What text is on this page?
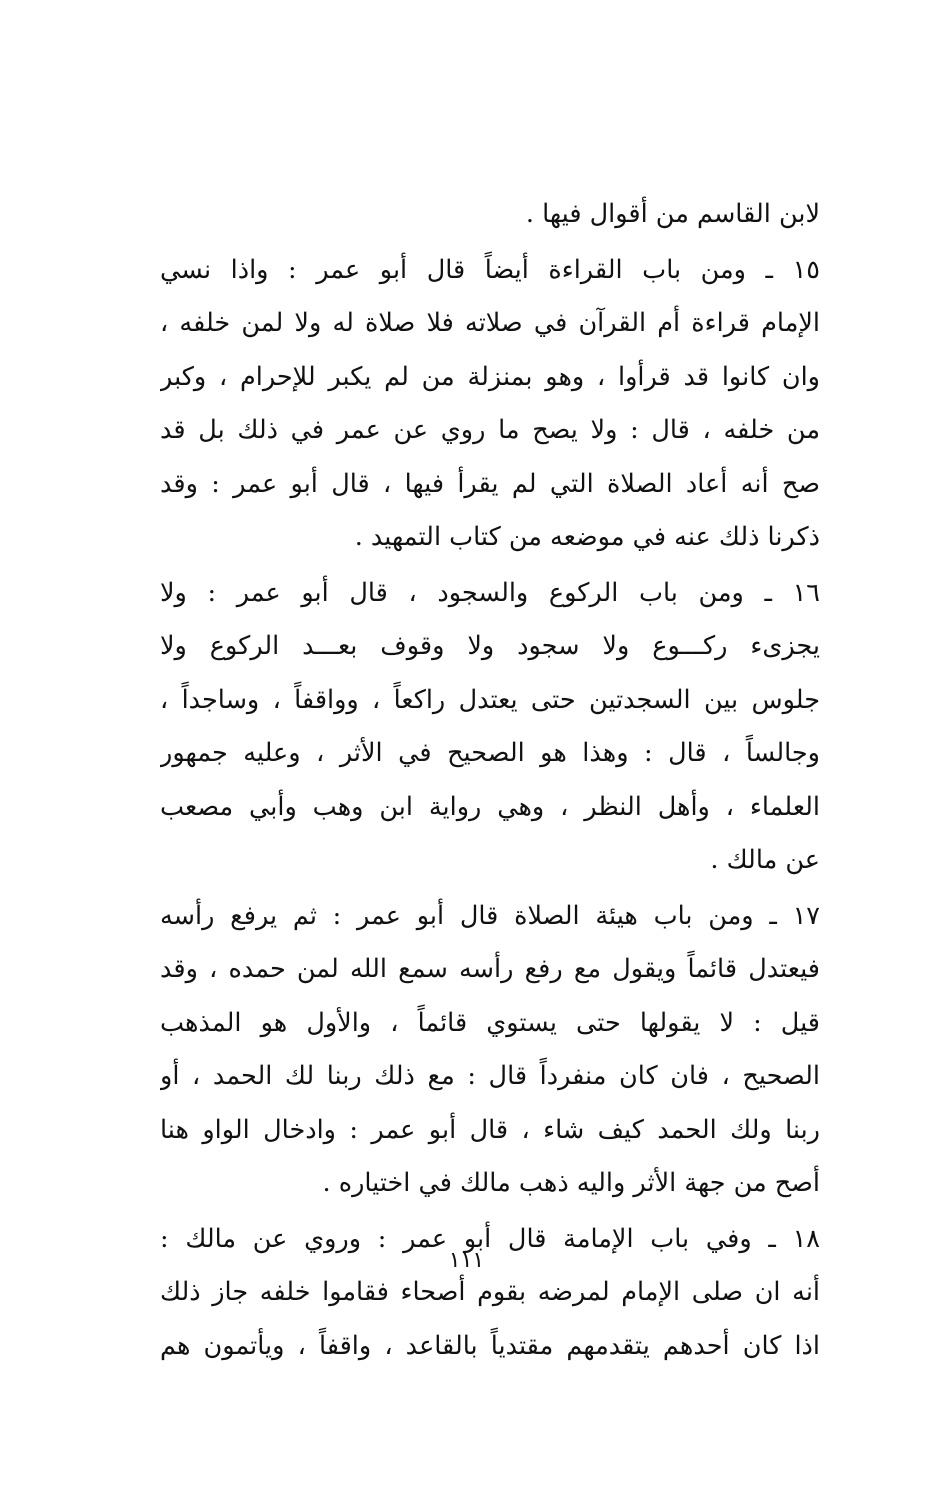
لابن القاسم من أقوال فيها .
١٥ ـ ومن باب القراءة أيضاً قال أبو عمر : واذا نسي
الإمام قراءة أم القرآن في صلاته فلا صلاة له ولا لمن خلفه ،
وان كانوا قد قرأوا ، وهو بمنزلة من لم يكبر للإحرام ، وكبر
من خلفه ، قال : ولا يصح ما روي عن عمر في ذلك بل قد
صح أنه أعاد الصلاة التي لم يقرأ فيها ، قال أبو عمر : وقد
ذكرنا ذلك عنه في موضعه من كتاب التمهيد .
١٦ ـ ومن باب الركوع والسجود ، قال أبو عمر : ولا
يجزىء ركـــوع ولا سجود ولا وقوف بعـــد الركوع ولا
جلوس بين السجدتين حتى يعتدل راكعاً ، وواقفاً ، وساجداً ،
وجالساً ، قال : وهذا هو الصحيح في الأثر ، وعليه جمهور
العلماء ، وأهل النظر ، وهي رواية ابن وهب وأبي مصعب
عن مالك .
١٧ ـ ومن باب هيئة الصلاة قال أبو عمر : ثم يرفع رأسه
فيعتدل قائماً ويقول مع رفع رأسه سمع الله لمن حمده ، وقد
قيل : لا يقولها حتى يستوي قائماً ، والأول هو المذهب
الصحيح ، فان كان منفرداً قال : مع ذلك ربنا لك الحمد ، أو
ربنا ولك الحمد كيف شاء ، قال أبو عمر : وادخال الواو هنا
أصح من جهة الأثر واليه ذهب مالك في اختياره .
١٨ ـ وفي باب الإمامة قال أبو عمر : وروي عن مالك :
أنه ان صلى الإمام لمرضه بقوم أصحاء فقاموا خلفه جاز ذلك
اذا كان أحدهم يتقدمهم مقتدياً بالقاعد ، واقفاً ، ويأتمون هم
١١١
